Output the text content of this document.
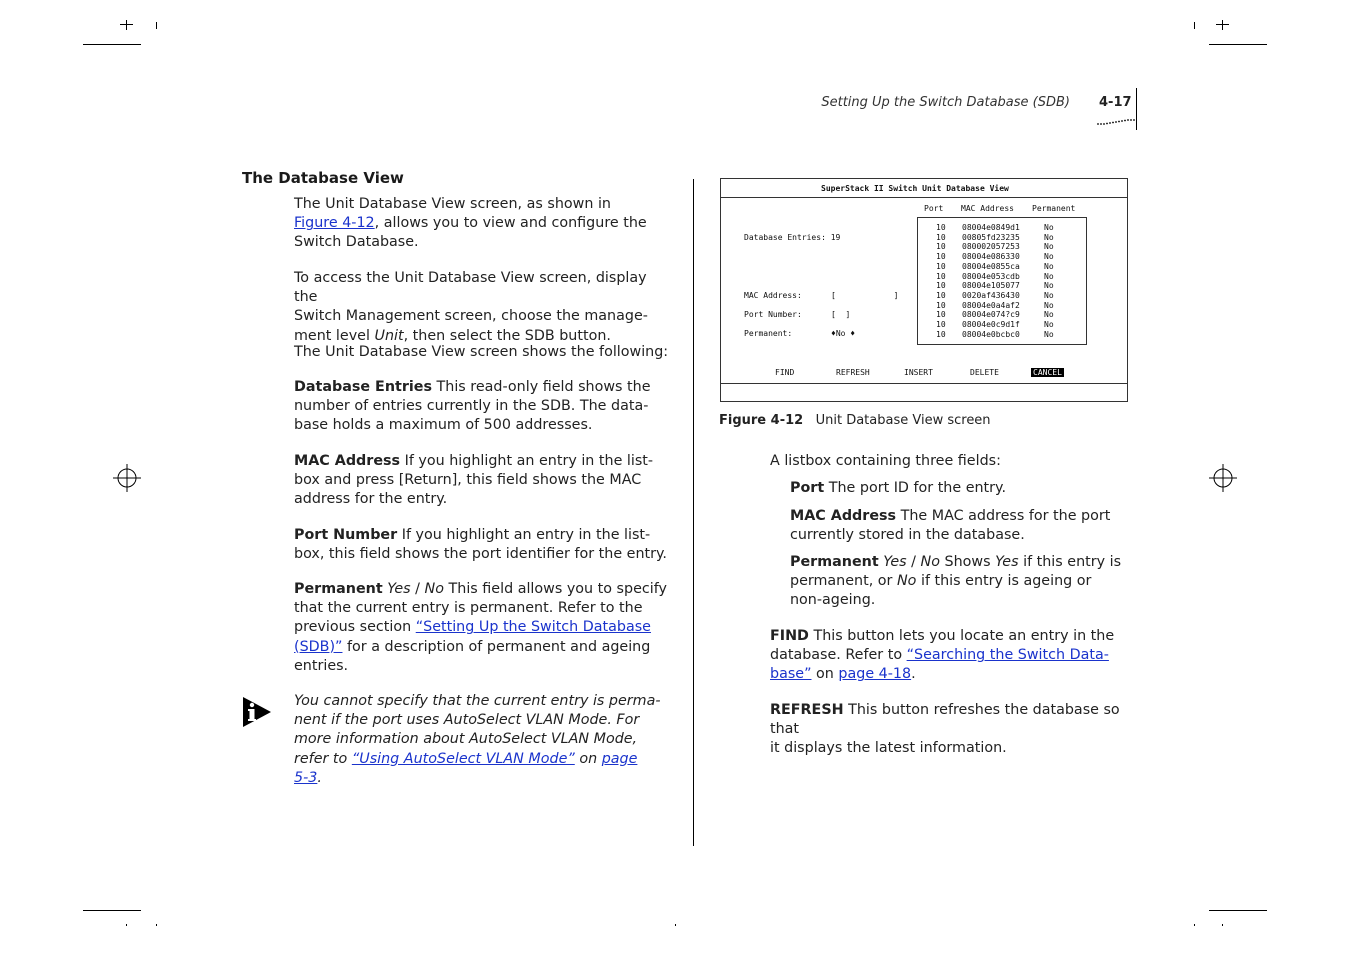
Setting Up the Switch Database (SDB) 4-17
The Database View

The Unit Database View screen, as shown in

Figure 4-12, allows you to view and configure the

Switch Database.

To access the Unit Database View screen, display the

Switch Management screen, choose the manage-

ment level Unit, then select the SDB button.

The Unit Database View screen shows the following:

Database Entries This read-only field shows the

number of entries currently in the SDB. The data-

base holds a maximum of 500 addresses.

MAC Address If you highlight an entry in the list-

box and press [Return], this field shows the MAC

address for the entry.

Port Number If you highlight an entry in the list-

box, this field shows the port identifier for the entry.

Permanent Yes / No This field allows you to specify

that the current entry is permanent. Refer to the

previous section “Setting Up the Switch Database

(SDB)” for a description of permanent and ageing

entries.

You cannot specify that the current entry is perma-

nent if the port uses AutoSelect VLAN Mode. For

more information about AutoSelect VLAN Mode,

refer to “Using AutoSelect VLAN Mode” on page

5-3.

SuperStack II Switch Unit Database View
Port MAC Address Permanent
Database Entries: 19
MAC Address:	[            ]
Port Number:	[  ]
Permanent:	♦No ♦
10 08004e0849d1	No
10 00805fd23235	No
10 080002057253	No
10 08004e086330	No
10 08004e0855ca	No
10 08004e053cdb	No
10 08004e105077	No
10 0020af436430	No
10 08004e0a4af2	No
10 08004e074?c9	No
10 08004e0c9d1f	No
10 08004e0bcbc0	No
FIND	REFRESH	INSERT	DELETE	CANCEL
Figure 4-12 Unit Database View screen

A listbox containing three fields:

Port The port ID for the entry.

MAC Address The MAC address for the port

currently stored in the database.

Permanent Yes / No Shows Yes if this entry is

permanent, or No if this entry is ageing or

non-ageing.

FIND This button lets you locate an entry in the

database. Refer to “Searching the Switch Data-

base” on page 4-18.

REFRESH This button refreshes the database so that

it displays the latest information.
